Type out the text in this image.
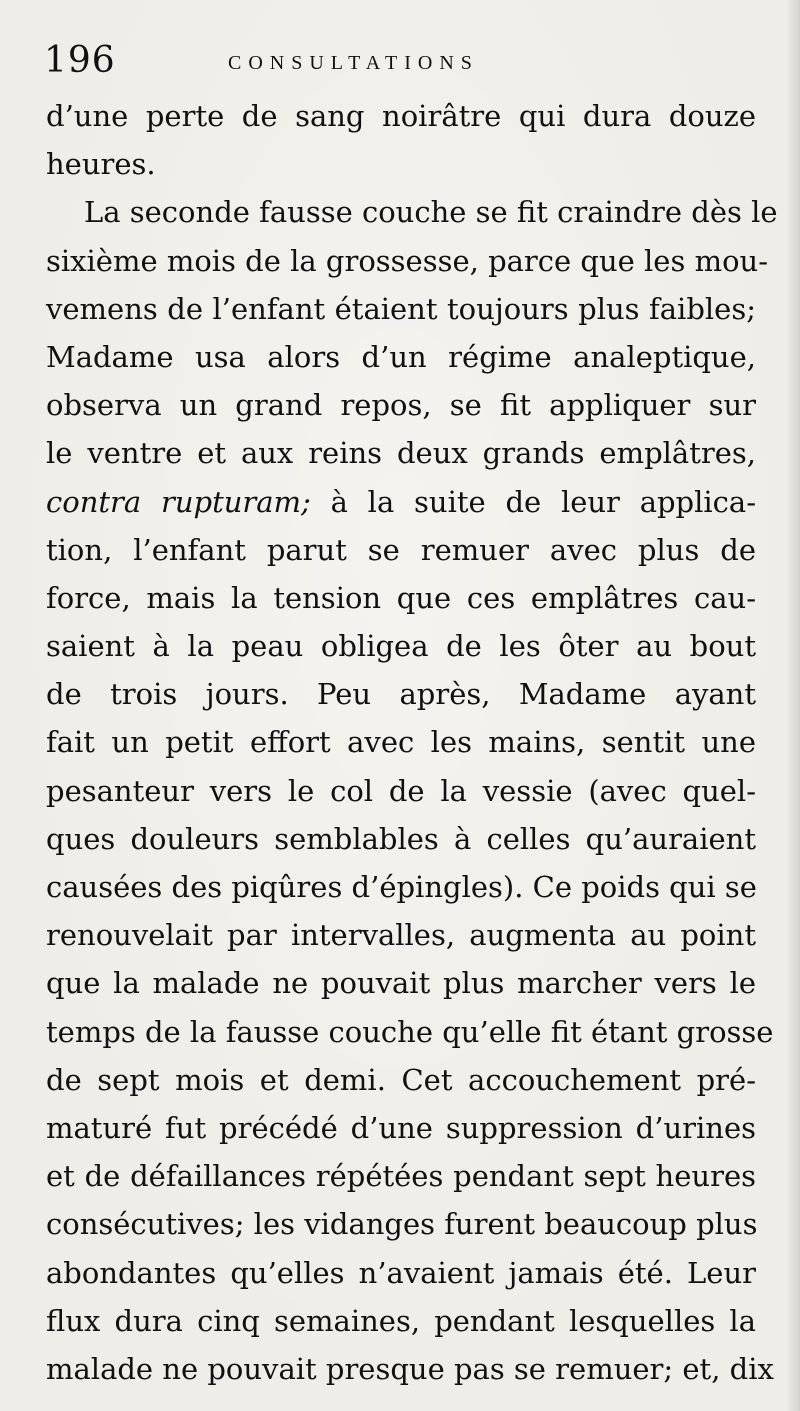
196	CONSULTATIONS
d’une perte de sang noirâtre qui dura douze
heures.
La seconde fausse couche se fit craindre dès le
sixième mois de la grossesse, parce que les mou-
vemens de l’enfant étaient toujours plus faibles;
Madame usa alors d’un régime analeptique,
observa un grand repos, se fit appliquer sur
le ventre et aux reins deux grands emplâtres,
contra rupturam; à la suite de leur applica-
tion, l’enfant parut se remuer avec plus de
force, mais la tension que ces emplâtres cau-
saient à la peau obligea de les ôter au bout
de trois jours. Peu après, Madame ayant
fait un petit effort avec les mains, sentit une
pesanteur vers le col de la vessie (avec quel-
ques douleurs semblables à celles qu’auraient
causées des piqûres d’épingles). Ce poids qui se
renouvelait par intervalles, augmenta au point
que la malade ne pouvait plus marcher vers le
temps de la fausse couche qu’elle fit étant grosse
de sept mois et demi. Cet accouchement pré-
maturé fut précédé d’une suppression d’urines
et de défaillances répétées pendant sept heures
consécutives; les vidanges furent beaucoup plus
abondantes qu’elles n’avaient jamais été. Leur
flux dura cinq semaines, pendant lesquelles la
malade ne pouvait presque pas se remuer; et, dix
